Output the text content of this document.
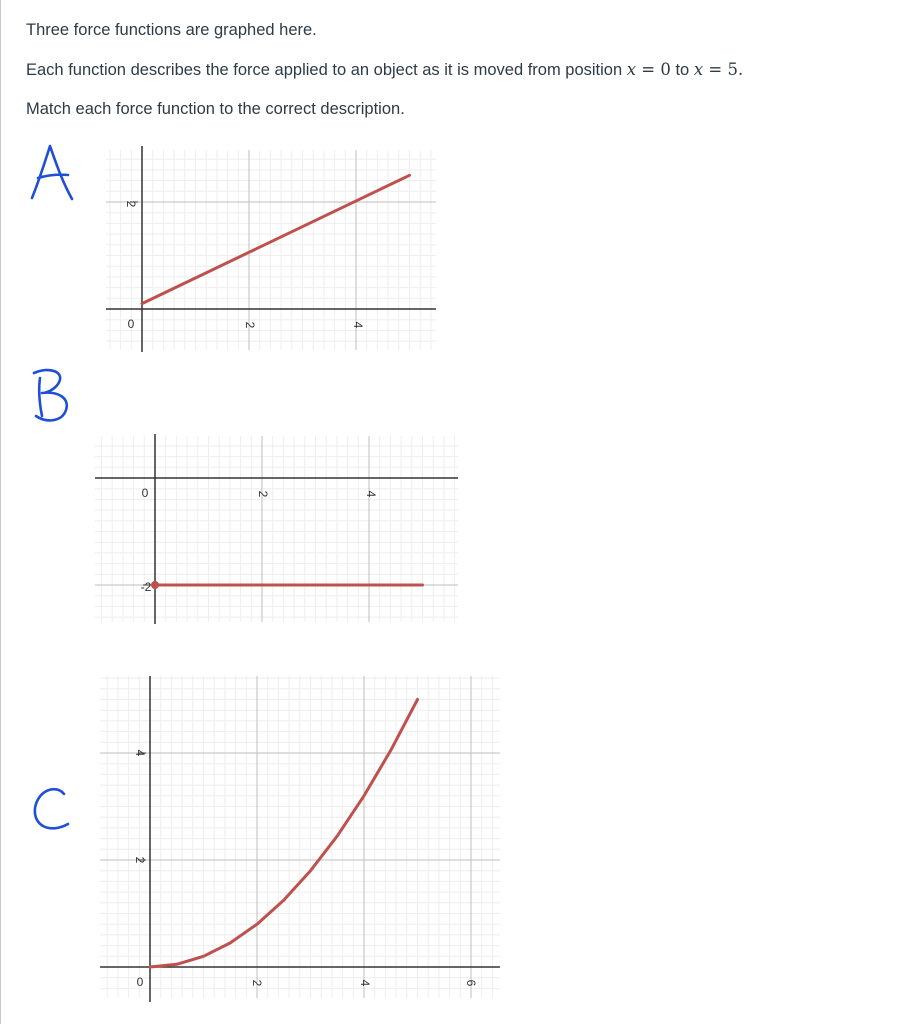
Three force functions are graphed here.

Each function describes the force applied to an object as it is moved from position x = 0 to x = 5.

Match each force function to the correct description.

0	2	4
2
0	2	4
-2
0	2	4	6
2
4
